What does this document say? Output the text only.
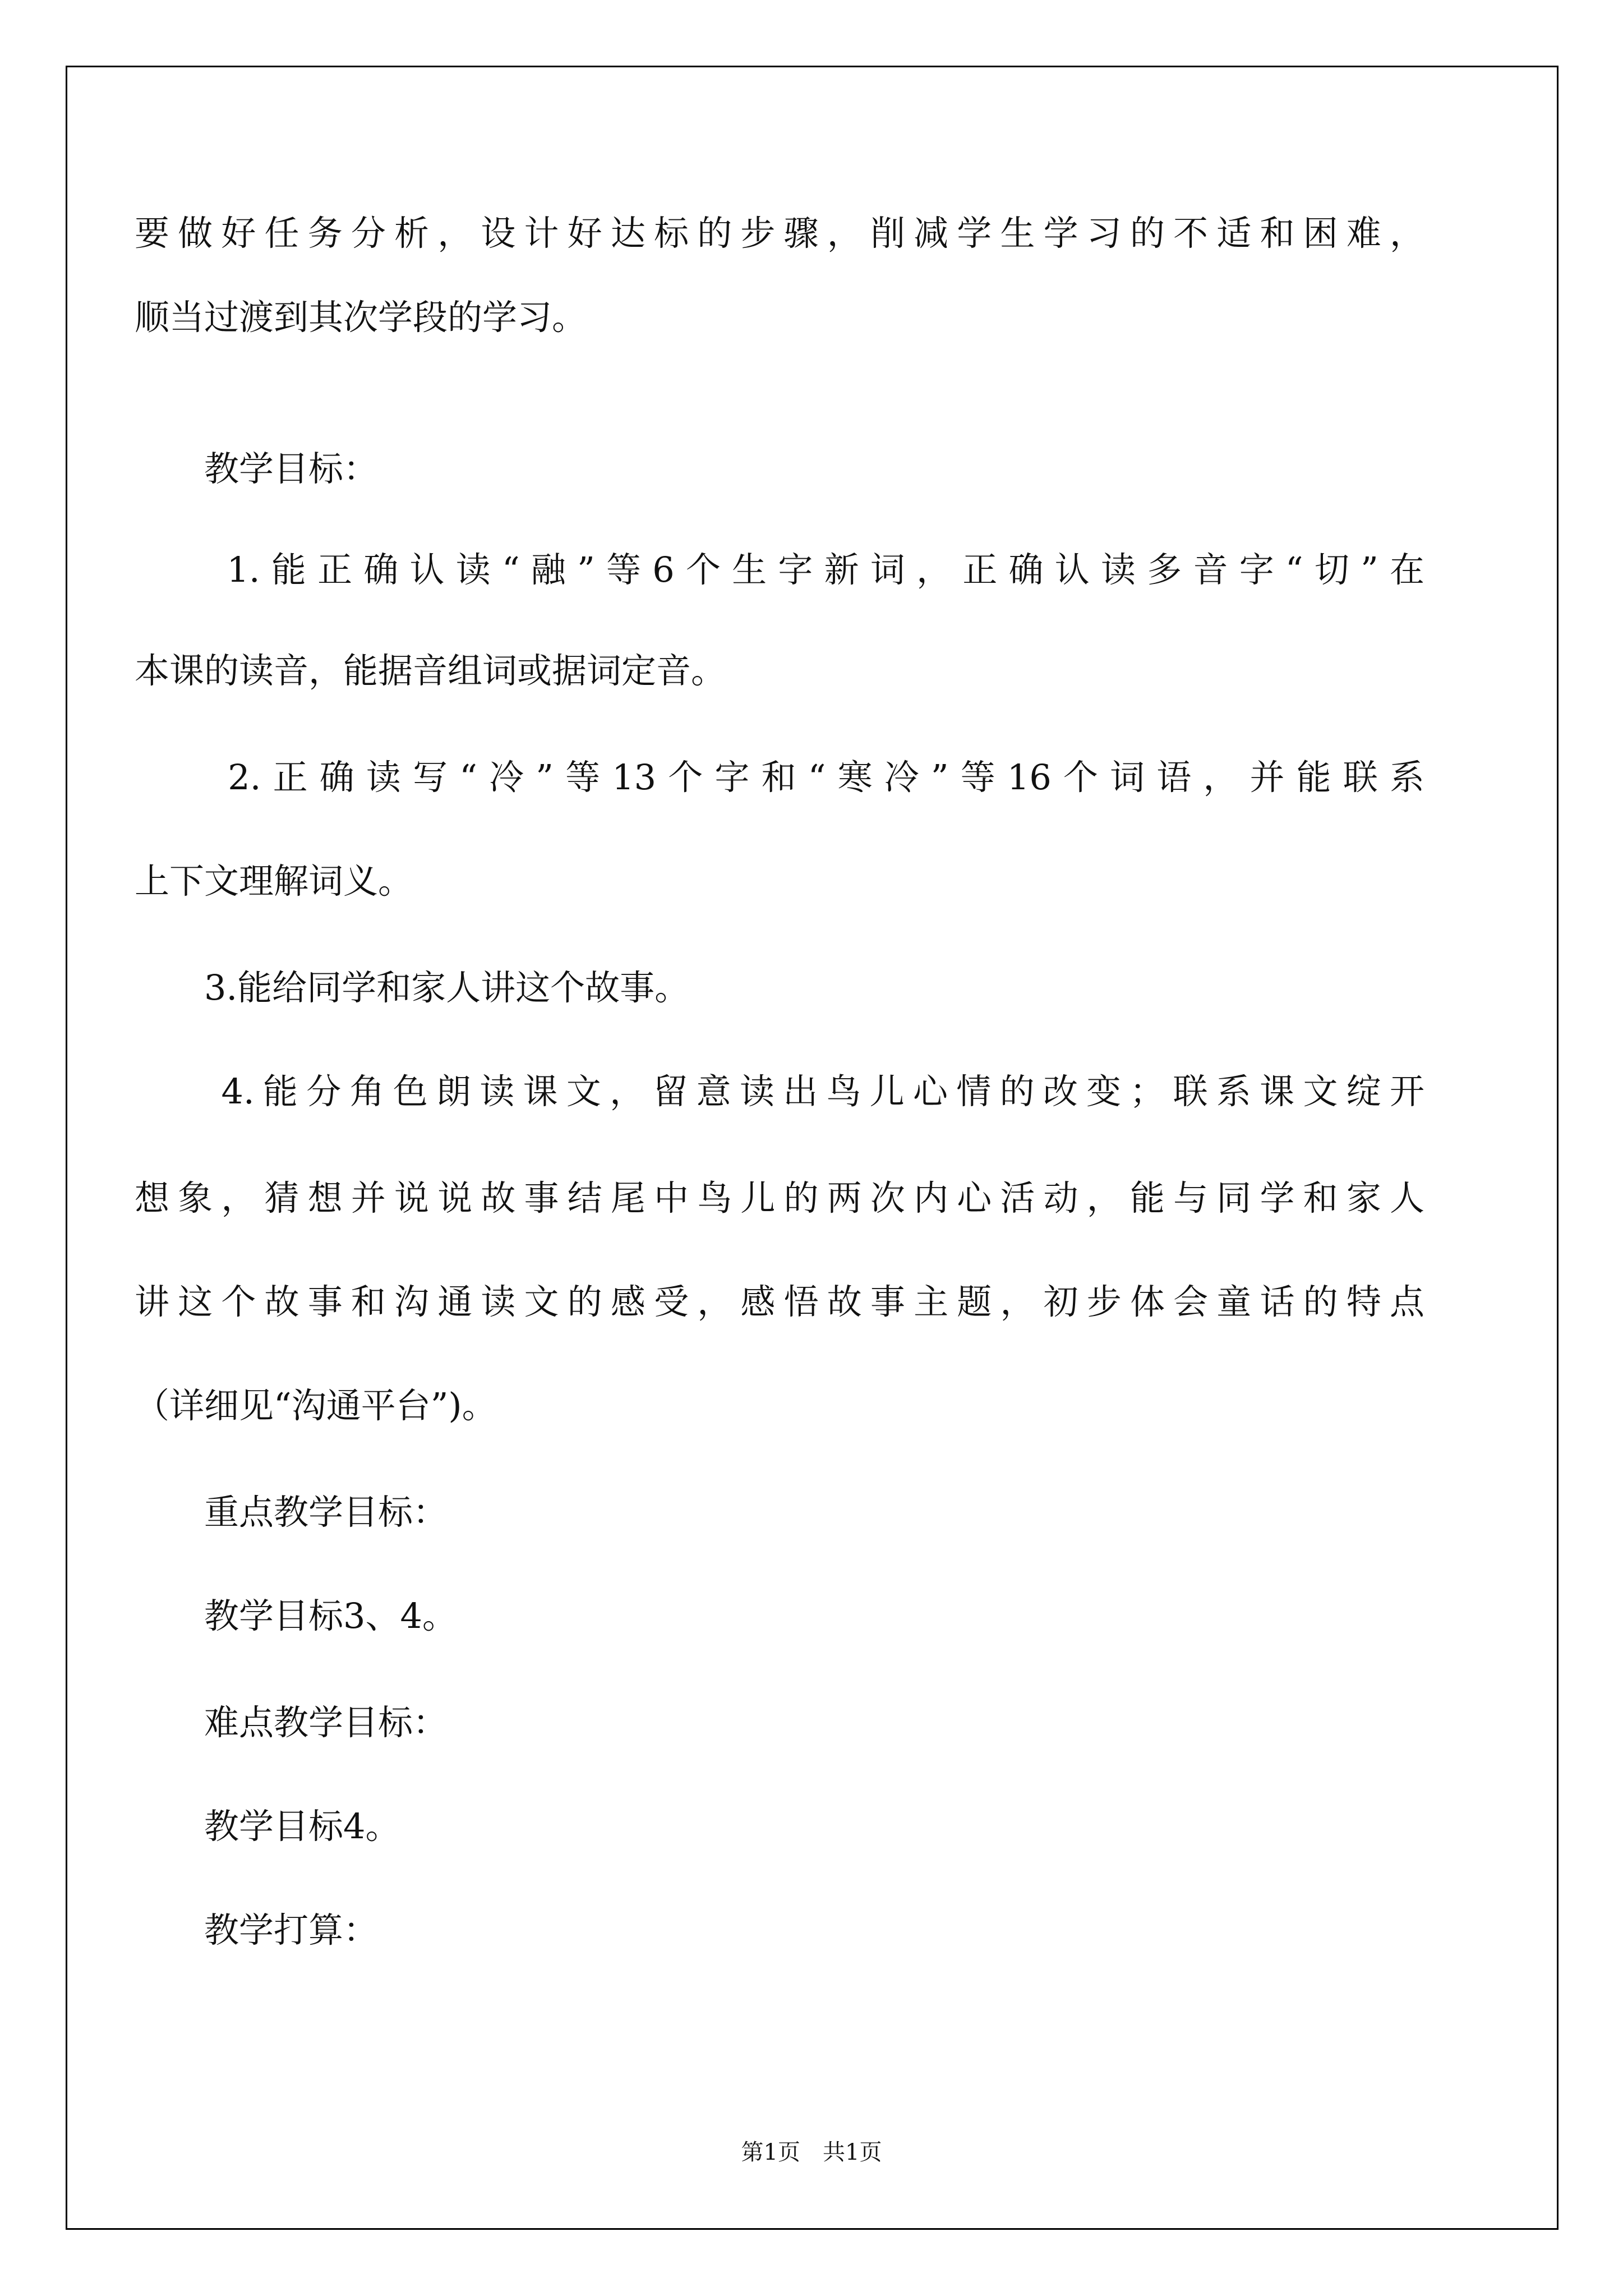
要做好任务分析，设计好达标的步骤，削减学生学习的不适和困难，

顺当过渡到其次学段的学习。

　　教学目标：

　　1.能正确认读“融”等6个生字新词，正确认读多音字“切”在

本课的读音，能据音组词或据词定音。

　　2.正确读写“冷”等13个字和“寒冷”等16个词语，并能联系

上下文理解词义。

　　3.能给同学和家人讲这个故事。

　　4.能分角色朗读课文，留意读出鸟儿心情的改变；联系课文绽开

想象，猜想并说说故事结尾中鸟儿的两次内心活动，能与同学和家人

讲这个故事和沟通读文的感受，感悟故事主题，初步体会童话的特点

（详细见“沟通平台”)。

　　重点教学目标：

　　教学目标3、4。

　　难点教学目标：

　　教学目标4。

　　教学打算：

第1页　共1页
